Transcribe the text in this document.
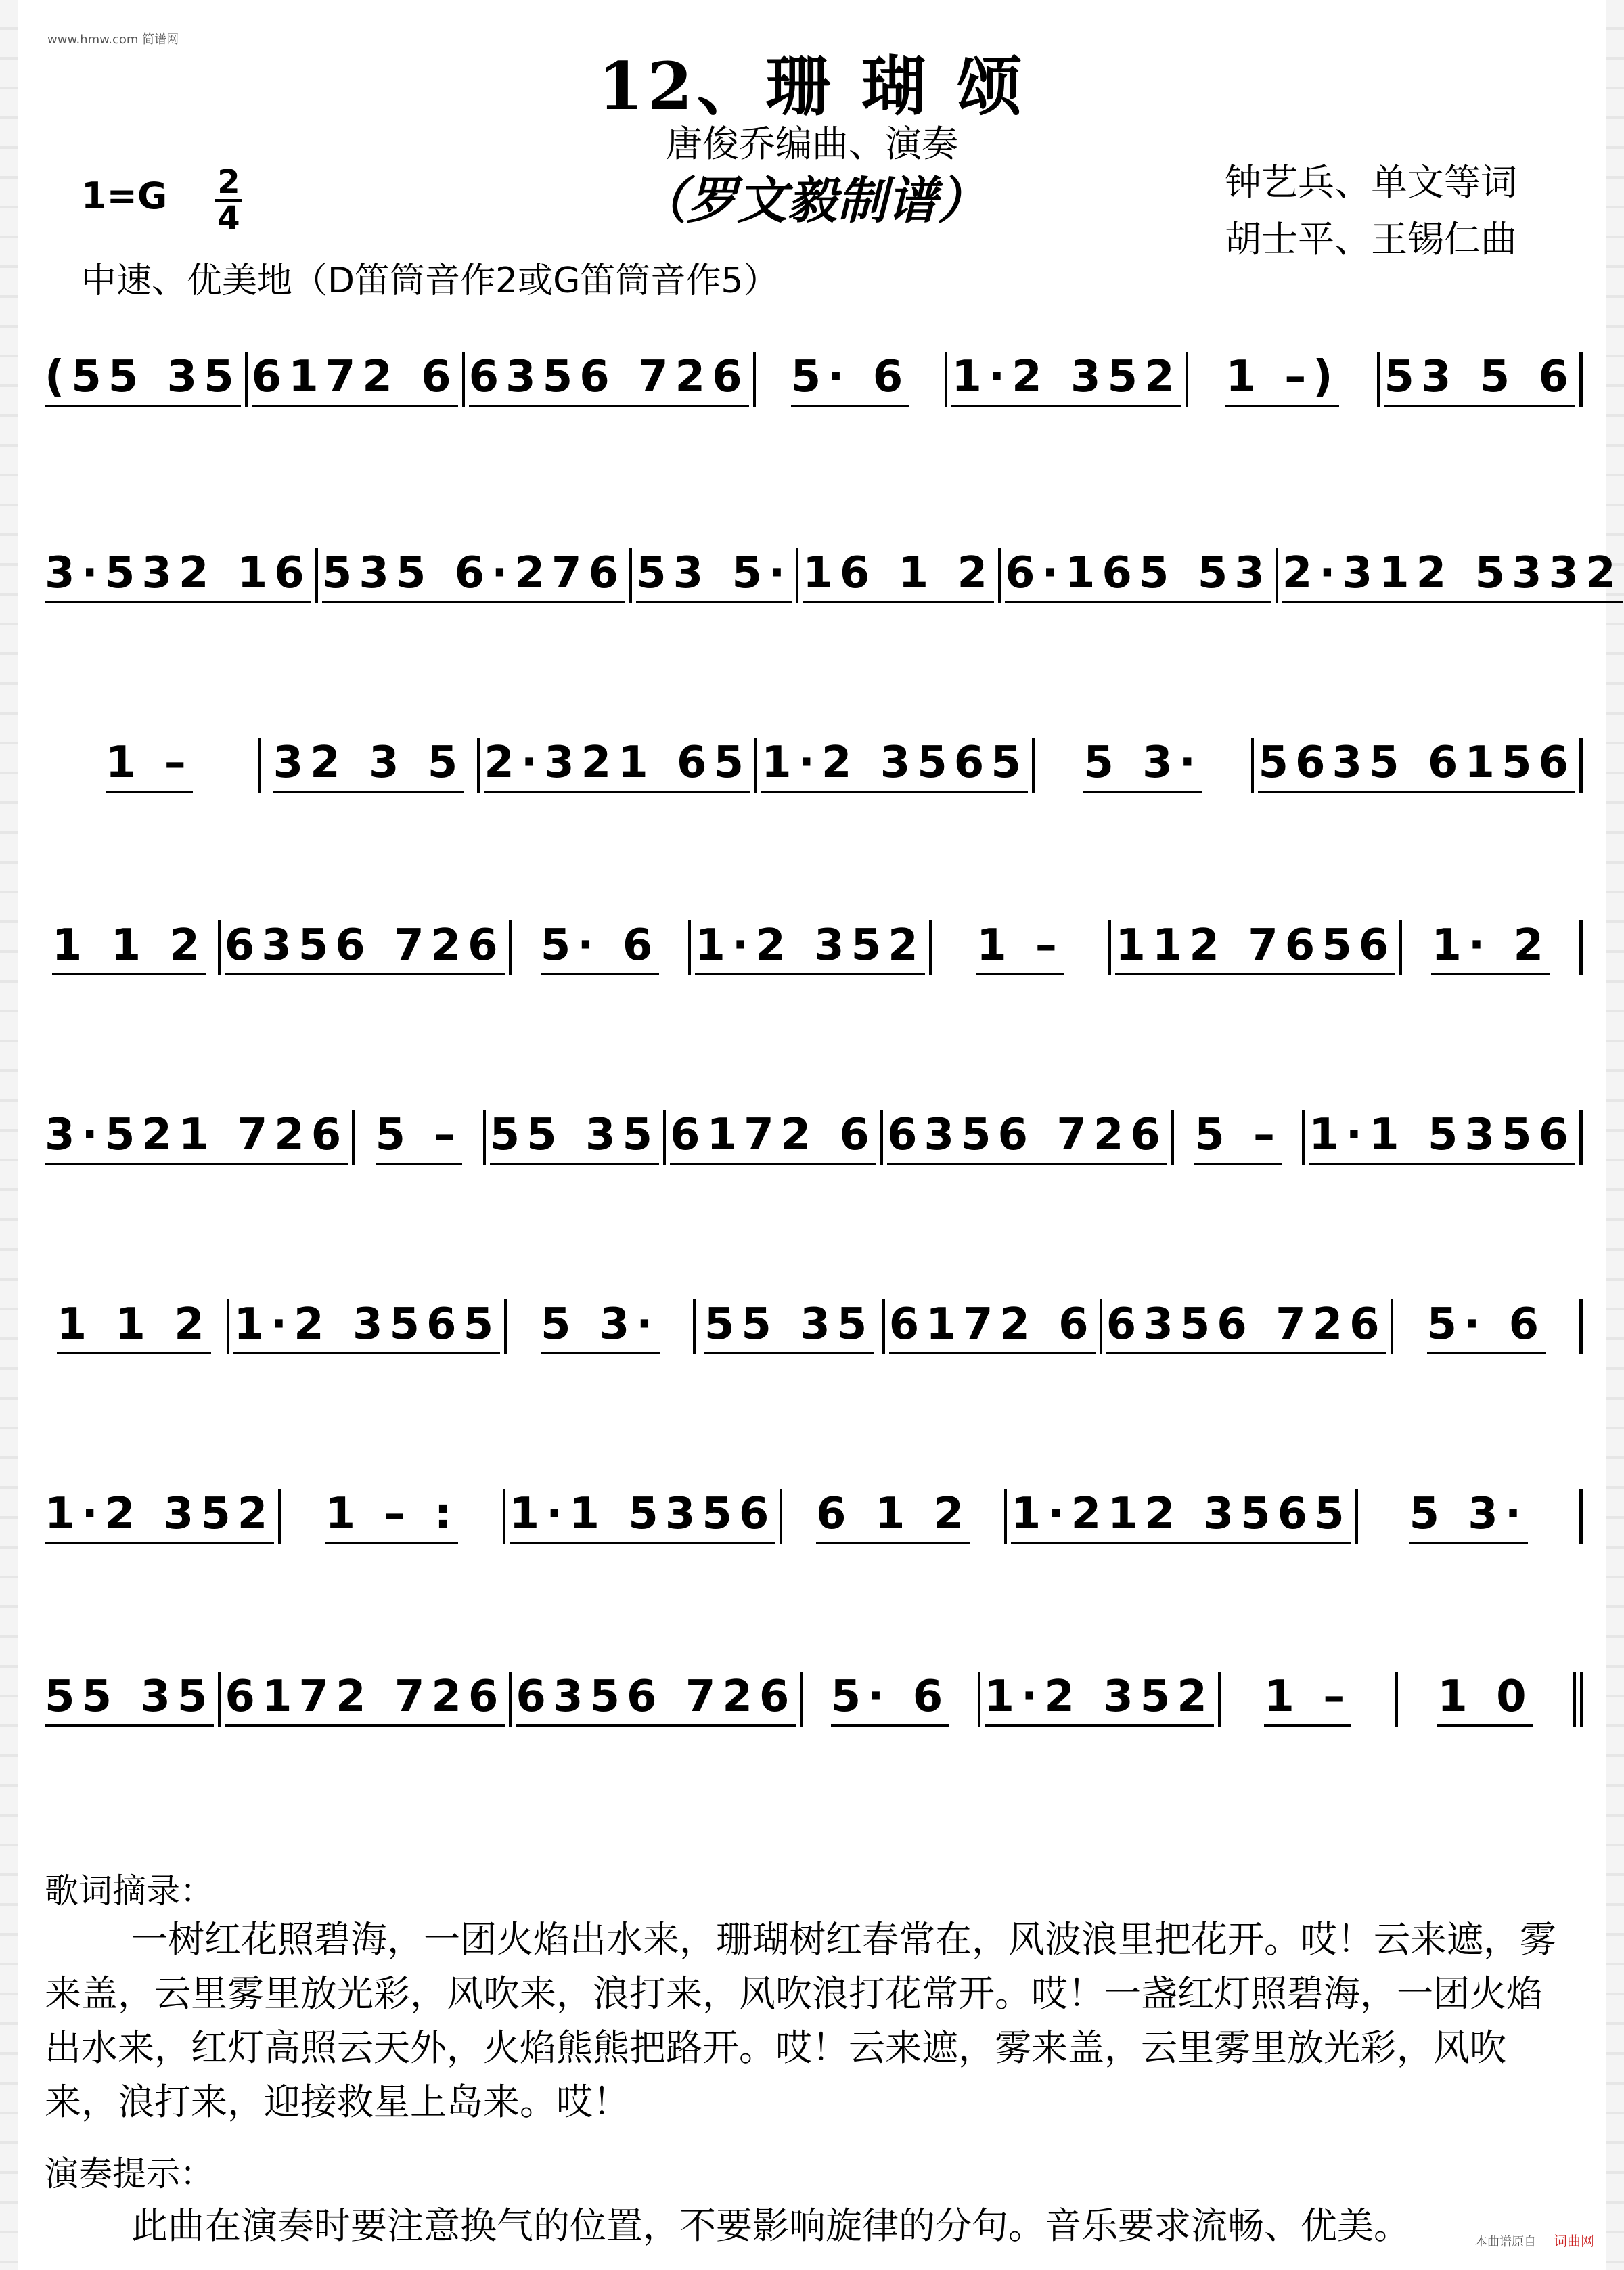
www.hmw.com 简谱网
12、珊 瑚 颂
唐俊乔编曲、演奏
（罗文毅制谱）
1=G 2
4
钟艺兵、单文等词
胡士平、王锡仁曲
中速、优美地（D笛筒音作2或G笛筒音作5）
(55 35 6172 6 6356 726 5· 6 1·2 352	1 –)	53 5 6
3·532 16 535 6·276 53 5· 16 1 2 6·165 53 2·312 5332
1 –	32 3 5 2·321 65 1·2 3565	5 3·	5635 6156
1 1 2 6356 726 5· 6 1·2 352	1 –	112 7656 1· 2
3·521 726 5 – 55 35 6172 6 6356 726 5 – 1·1 5356
1 1 2 1·2 3565 5 3·	55 35 6172 6 6356 726 5· 6
1·2 352	1 – :	1·1 5356 6 1 2 1·212 3565	5 3·
55 35 6172 726 6356 726 5· 6 1·2 352	1 –	1 0
歌词摘录：
一树红花照碧海，一团火焰出水来，珊瑚树红春常在，风波浪里把花开。哎！云来遮，雾来盖，云里雾里放光彩，风吹来，浪打来，风吹浪打花常开。哎！一盏红灯照碧海，一团火焰出水来，红灯高照云天外，火焰熊熊把路开。哎！云来遮，雾来盖，云里雾里放光彩，风吹来，浪打来，迎接救星上岛来。哎！
演奏提示：
此曲在演奏时要注意换气的位置，不要影响旋律的分句。音乐要求流畅、优美。	本曲谱原自 词曲网
